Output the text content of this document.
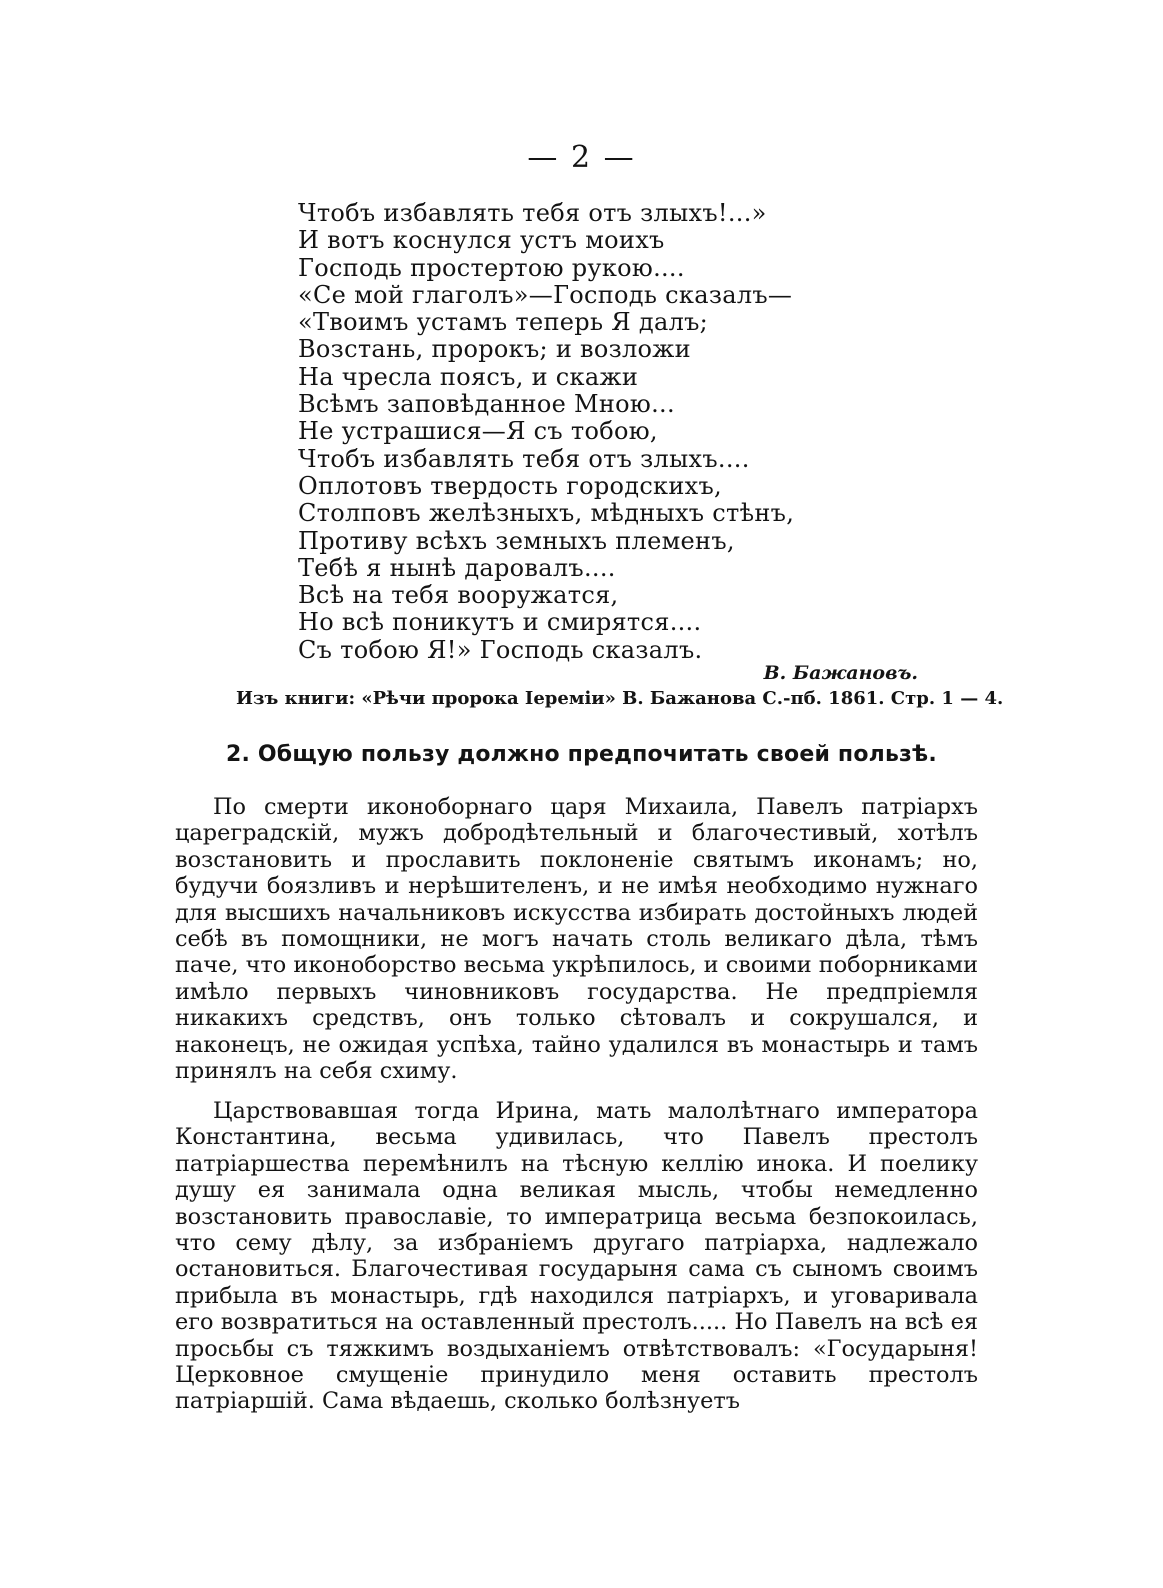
— 2 —
Чтобъ избавлять тебя отъ злыхъ!...»
И вотъ коснулся устъ моихъ
Господь простертою рукою....
«Се мой глаголъ»—Господь сказалъ—
«Твоимъ устамъ теперь Я далъ;
Возстань, пророкъ; и возложи
На чресла поясъ, и скажи
Всѣмъ заповѣданное Мною...
Не устрашися—Я съ тобою,
Чтобъ избавлять тебя отъ злыхъ....
Оплотовъ твердость городскихъ,
Столповъ желѣзныхъ, мѣдныхъ стѣнъ,
Противу всѣхъ земныхъ племенъ,
Тебѣ я нынѣ даровалъ....
Всѣ на тебя вооружатся,
Но всѣ поникутъ и смирятся....
Съ тобою Я!» Господь сказалъ.
В. Бажановъ.
Изъ книги: «Рѣчи пророка Іереміи» В. Бажанова С.-пб. 1861. Стр. 1 — 4.
2. Общую пользу должно предпочитать своей пользѣ.

По смерти иконоборнаго царя Михаила, Павелъ патріархъ цареградскій, мужъ добродѣтельный и благочестивый, хотѣлъ возстановить и прославить поклоненіе святымъ иконамъ; но, будучи боязливъ и нерѣшителенъ, и не имѣя необходимо нужнаго для высшихъ начальниковъ искусства избирать достойныхъ людей себѣ въ помощники, не могъ начать столь великаго дѣла, тѣмъ паче, что иконоборство весьма укрѣпилось, и своими поборниками имѣло первыхъ чиновниковъ государства. Не предпріемля никакихъ средствъ, онъ только сѣтовалъ и сокрушался, и наконецъ, не ожидая успѣха, тайно удалился въ монастырь и тамъ принялъ на себя схиму.

Царствовавшая тогда Ирина, мать малолѣтнаго императора Константина, весьма удивилась, что Павелъ престолъ патріаршества перемѣнилъ на тѣсную келлію инока. И поелику душу ея занимала одна великая мысль, чтобы немедленно возстановить православіе, то императрица весьма безпокоилась, что сему дѣлу, за избраніемъ другаго патріарха, надлежало остановиться. Благочестивая государыня сама съ сыномъ своимъ прибыла въ монастырь, гдѣ находился патріархъ, и уговаривала его возвратиться на оставленный престолъ..... Но Павелъ на всѣ ея просьбы съ тяжкимъ воздыханіемъ отвѣтствовалъ: «Государыня! Церковное смущеніе принудило меня оставить престолъ патріаршій. Сама вѣдаешь, сколько болѣзнуетъ
